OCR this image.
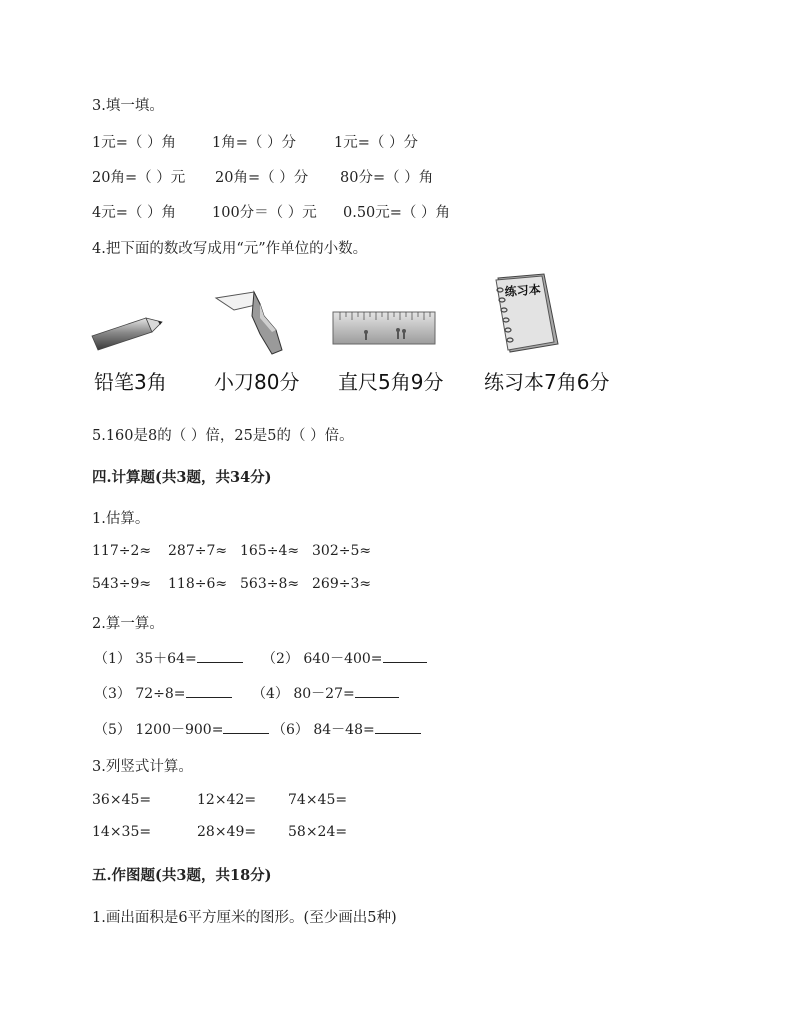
3.填一填。
1元=（ ）角 1角=（ ）分	1元=（ ）分
20角=（ ）元 20角=（ ）分 80分=（ ）角
4元=（ ）角 100分＝（ ）元 0.50元=（ ）角
4.把下面的数改写成用“元”作单位的小数。
练习本
铅笔3角 小刀80分 直尺5角9分 练习本7角6分
5.160是8的（ ）倍，25是5的（ ）倍。
四.计算题(共3题，共34分)
1.估算。
117÷2≈ 287÷7≈ 165÷4≈ 302÷5≈
543÷9≈ 118÷6≈ 563÷8≈ 269÷3≈
2.算一算。
（1） 35＋64=	（2） 640－400=
（3） 72÷8=	（4） 80－27=
（5） 1200－900=	（6） 84－48=
3.列竖式计算。
36×45=	12×42= 74×45=
14×35=	28×49= 58×24=
五.作图题(共3题，共18分)
1.画出面积是6平方厘米的图形。(至少画出5种)
